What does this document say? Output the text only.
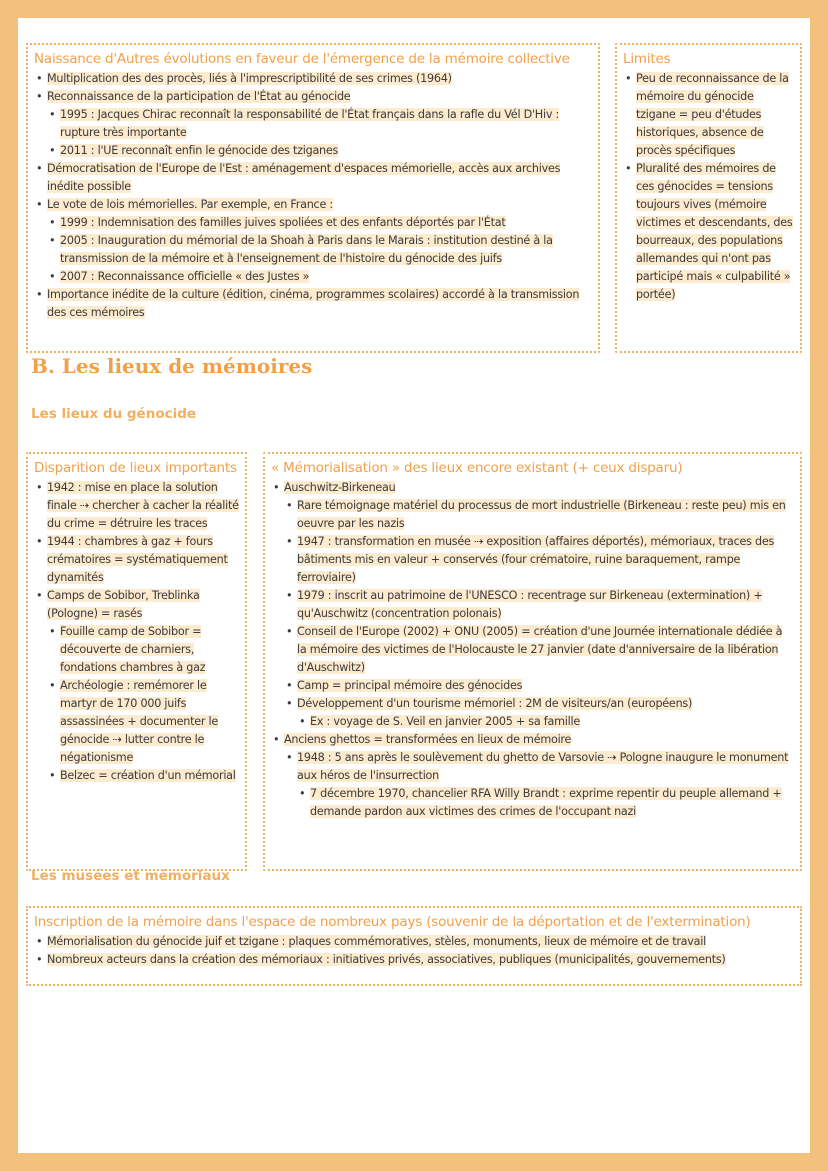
Naissance d'Autres évolutions en faveur de l'émergence de la mémoire collective
• Multiplication des des procès, liés à l'imprescriptibilité de ses crimes (1964)
• Reconnaissance de la participation de l'État au génocide
• 1995 : Jacques Chirac reconnaît la responsabilité de l'État français dans la rafle du Vél D'Hiv : rupture très importante
• 2011 : l'UE reconnaît enfin le génocide des tziganes
• Démocratisation de l'Europe de l'Est : aménagement d'espaces mémorielle, accès aux archives inédite possible
• Le vote de lois mémorielles. Par exemple, en France :
• 1999 : Indemnisation des familles juives spoliées et des enfants déportés par l'État
• 2005 : Inauguration du mémorial de la Shoah à Paris dans le Marais : institution destiné à la transmission de la mémoire et à l'enseignement de l'histoire du génocide des juifs
• 2007 : Reconnaissance officielle « des Justes »
• Importance inédite de la culture (édition, cinéma, programmes scolaires) accordé à la transmission des ces mémoires
Limites
• Peu de reconnaissance de la mémoire du génocide tzigane = peu d'études historiques, absence de procès spécifiques
• Pluralité des mémoires de ces génocides = tensions toujours vives (mémoire victimes et descendants, des bourreaux, des populations allemandes qui n'ont pas participé mais « culpabilité » portée)
B. Les lieux de mémoires
Les lieux du génocide
Disparition de lieux importants
• 1942 : mise en place la solution finale ⇢ chercher à cacher la réalité du crime = détruire les traces
• 1944 : chambres à gaz + fours crématoires = systématiquement dynamités
• Camps de Sobibor, Treblinka (Pologne) = rasés
• Fouille camp de Sobibor = découverte de charniers, fondations chambres à gaz
• Archéologie : remémorer le martyr de 170 000 juifs assassinées + documenter le génocide ⇢ lutter contre le négationisme
• Belzec = création d'un mémorial
« Mémorialisation » des lieux encore existant (+ ceux disparu)
• Auschwitz-Birkeneau
• Rare témoignage matériel du processus de mort industrielle (Birkeneau : reste peu) mis en oeuvre par les nazis
• 1947 : transformation en musée ⇢ exposition (affaires déportés), mémoriaux, traces des bâtiments mis en valeur + conservés (four crématoire, ruine baraquement, rampe ferroviaire)
• 1979 : inscrit au patrimoine de l'UNESCO : recentrage sur Birkeneau (extermination) + qu'Auschwitz (concentration polonais)
• Conseil de l'Europe (2002) + ONU (2005) = création d'une Journée internationale dédiée à la mémoire des victimes de l'Holocauste le 27 janvier (date d'anniversaire de la libération d'Auschwitz)
• Camp = principal mémoire des génocides
• Développement d'un tourisme mémoriel : 2M de visiteurs/an (européens)
• Ex : voyage de S. Veil en janvier 2005 + sa famille
• Anciens ghettos = transformées en lieux de mémoire
• 1948 : 5 ans après le soulèvement du ghetto de Varsovie ⇢ Pologne inaugure le monument aux héros de l'insurrection
• 7 décembre 1970, chancelier RFA Willy Brandt : exprime repentir du peuple allemand + demande pardon aux victimes des crimes de l'occupant nazi
Les musées et mémoriaux
Inscription de la mémoire dans l'espace de nombreux pays (souvenir de la déportation et de l'extermination)
• Mémorialisation du génocide juif et tzigane : plaques commémoratives, stèles, monuments, lieux de mémoire et de travail
• Nombreux acteurs dans la création des mémoriaux : initiatives privés, associatives, publiques (municipalités, gouvernements)
